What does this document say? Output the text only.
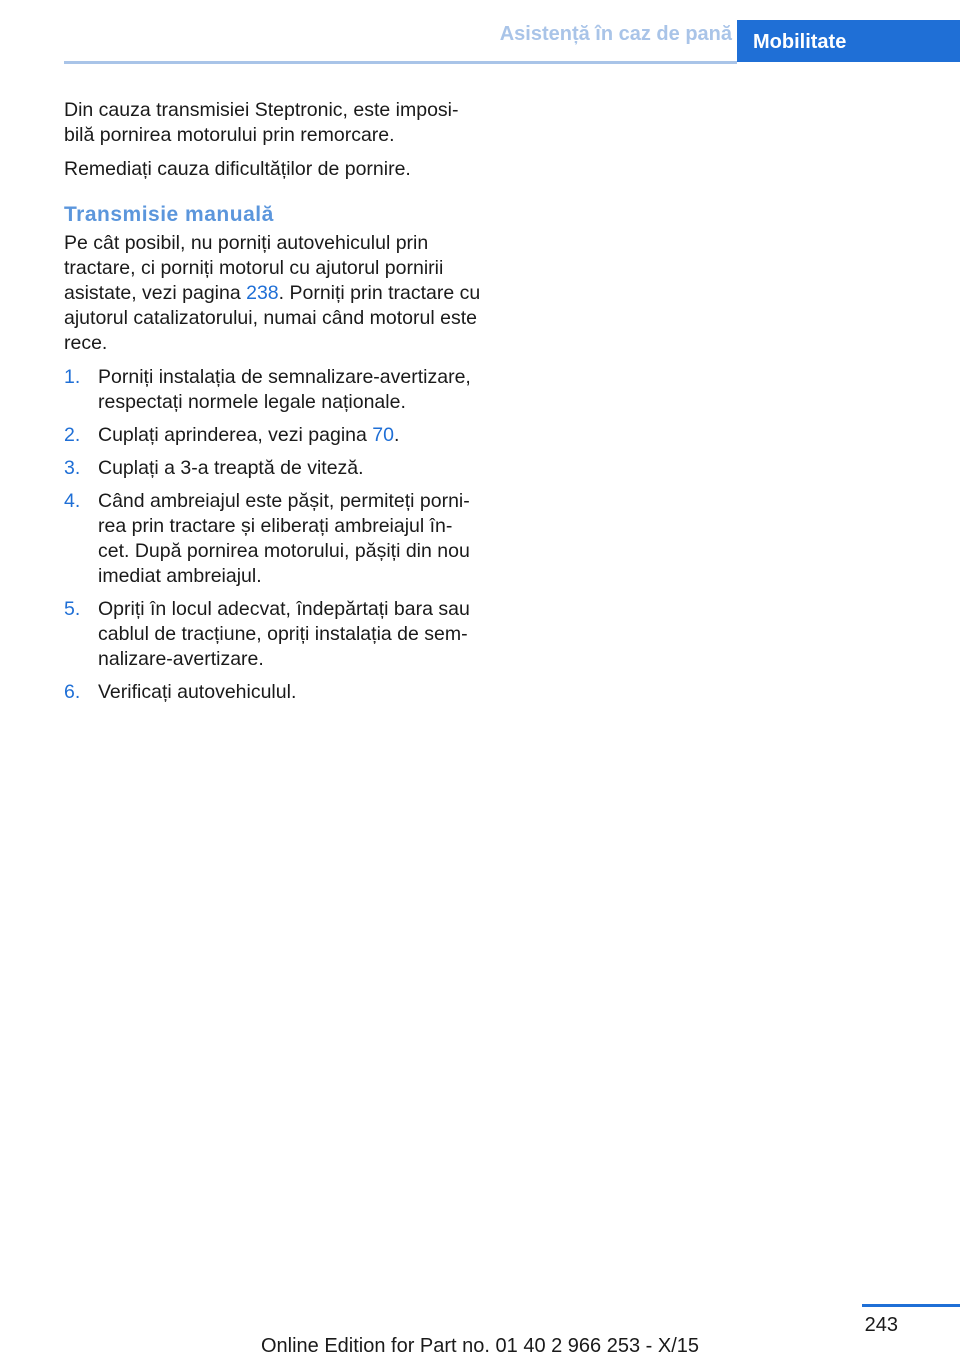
Asistență în caz de pană	Mobilitate

Din cauza transmisiei Steptronic, este imposi-bilă pornirea motorului prin remorcare.

Remediați cauza dificultăților de pornire.

Transmisie manuală

Pe cât posibil, nu porniți autovehiculul prin tractare, ci porniți motorul cu ajutorul pornirii asistate, vezi pagina 238. Porniți prin tractare cu ajutorul catalizatorului, numai când motorul este rece.

1. Porniți instalația de semnalizare-avertizare, respectați normele legale naționale.
2. Cuplați aprinderea, vezi pagina 70.
3. Cuplați a 3-a treaptă de viteză.
4. Când ambreiajul este pășit, permiteți porni-rea prin tractare și eliberați ambreiajul în-cet. După pornirea motorului, pășiți din nou imediat ambreiajul.
5. Opriți în locul adecvat, îndepărtați bara sau cablul de tracțiune, opriți instalația de sem-nalizare-avertizare.
6. Verificați autovehiculul.
243
Online Edition for Part no. 01 40 2 966 253 - X/15
